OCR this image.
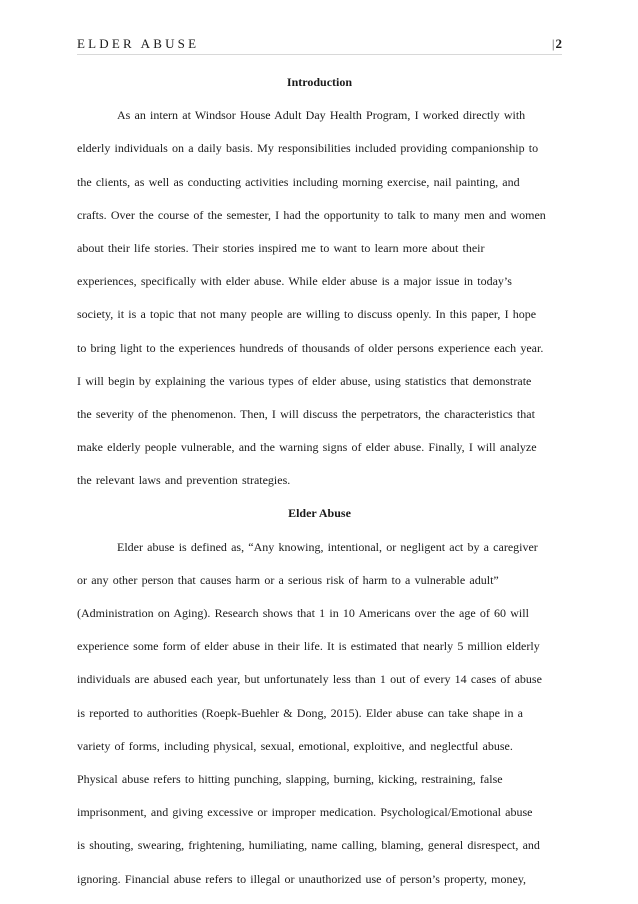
ELDER ABUSE	|2
Introduction

As an intern at Windsor House Adult Day Health Program, I worked directly with
elderly individuals on a daily basis. My responsibilities included providing companionship to
the clients, as well as conducting activities including morning exercise, nail painting, and
crafts. Over the course of the semester, I had the opportunity to talk to many men and women
about their life stories. Their stories inspired me to want to learn more about their
experiences, specifically with elder abuse. While elder abuse is a major issue in today’s
society, it is a topic that not many people are willing to discuss openly. In this paper, I hope
to bring light to the experiences hundreds of thousands of older persons experience each year.
I will begin by explaining the various types of elder abuse, using statistics that demonstrate
the severity of the phenomenon. Then, I will discuss the perpetrators, the characteristics that
make elderly people vulnerable, and the warning signs of elder abuse. Finally, I will analyze
the relevant laws and prevention strategies.

Elder Abuse

Elder abuse is defined as, “Any knowing, intentional, or negligent act by a caregiver
or any other person that causes harm or a serious risk of harm to a vulnerable adult”
(Administration on Aging). Research shows that 1 in 10 Americans over the age of 60 will
experience some form of elder abuse in their life. It is estimated that nearly 5 million elderly
individuals are abused each year, but unfortunately less than 1 out of every 14 cases of abuse
is reported to authorities (Roepk-Buehler & Dong, 2015). Elder abuse can take shape in a
variety of forms, including physical, sexual, emotional, exploitive, and neglectful abuse.
Physical abuse refers to hitting punching, slapping, burning, kicking, restraining, false
imprisonment, and giving excessive or improper medication. Psychological/Emotional abuse
is shouting, swearing, frightening, humiliating, name calling, blaming, general disrespect, and
ignoring. Financial abuse refers to illegal or unauthorized use of person’s property, money,
